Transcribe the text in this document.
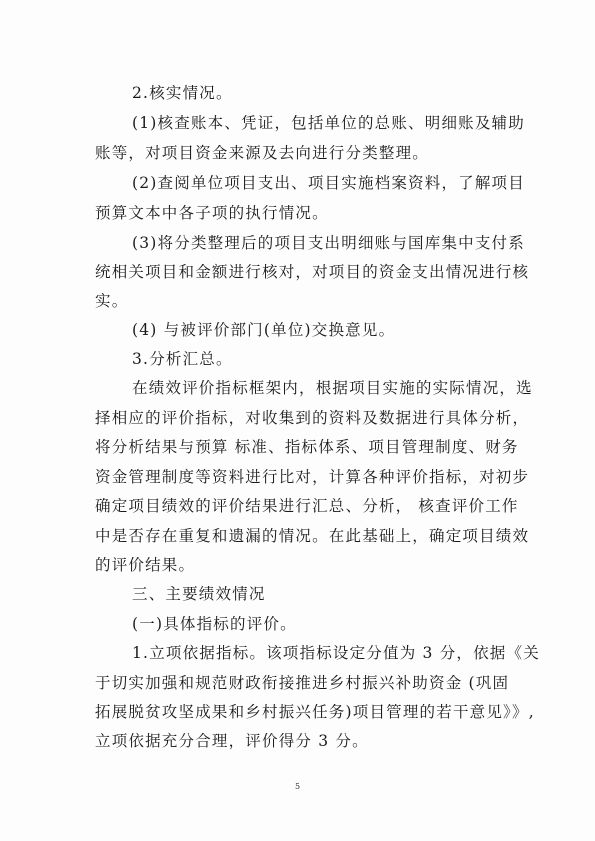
2.核实情况。
(1)核查账本、凭证，包括单位的总账、明细账及辅助
账等，对项目资金来源及去向进行分类整理。
(2)查阅单位项目支出、项目实施档案资料，了解项目
预算文本中各子项的执行情况。
(3)将分类整理后的项目支出明细账与国库集中支付系
统相关项目和金额进行核对，对项目的资金支出情况进行核
实。
(4) 与被评价部门(单位)交换意见。
3.分析汇总。
在绩效评价指标框架内，根据项目实施的实际情况，选
择相应的评价指标，对收集到的资料及数据进行具体分析，
将分析结果与预算 标准、指标体系、项目管理制度、财务
资金管理制度等资料进行比对，计算各种评价指标，对初步
确定项目绩效的评价结果进行汇总、分析， 核查评价工作
中是否存在重复和遗漏的情况。在此基础上，确定项目绩效
的评价结果。
三、主要绩效情况
(一)具体指标的评价。
1.立项依据指标。该项指标设定分值为 3 分，依据《关
于切实加强和规范财政衔接推进乡村振兴补助资金 (巩固
拓展脱贫攻坚成果和乡村振兴任务)项目管理的若干意见》》,
立项依据充分合理，评价得分 3 分。
5
